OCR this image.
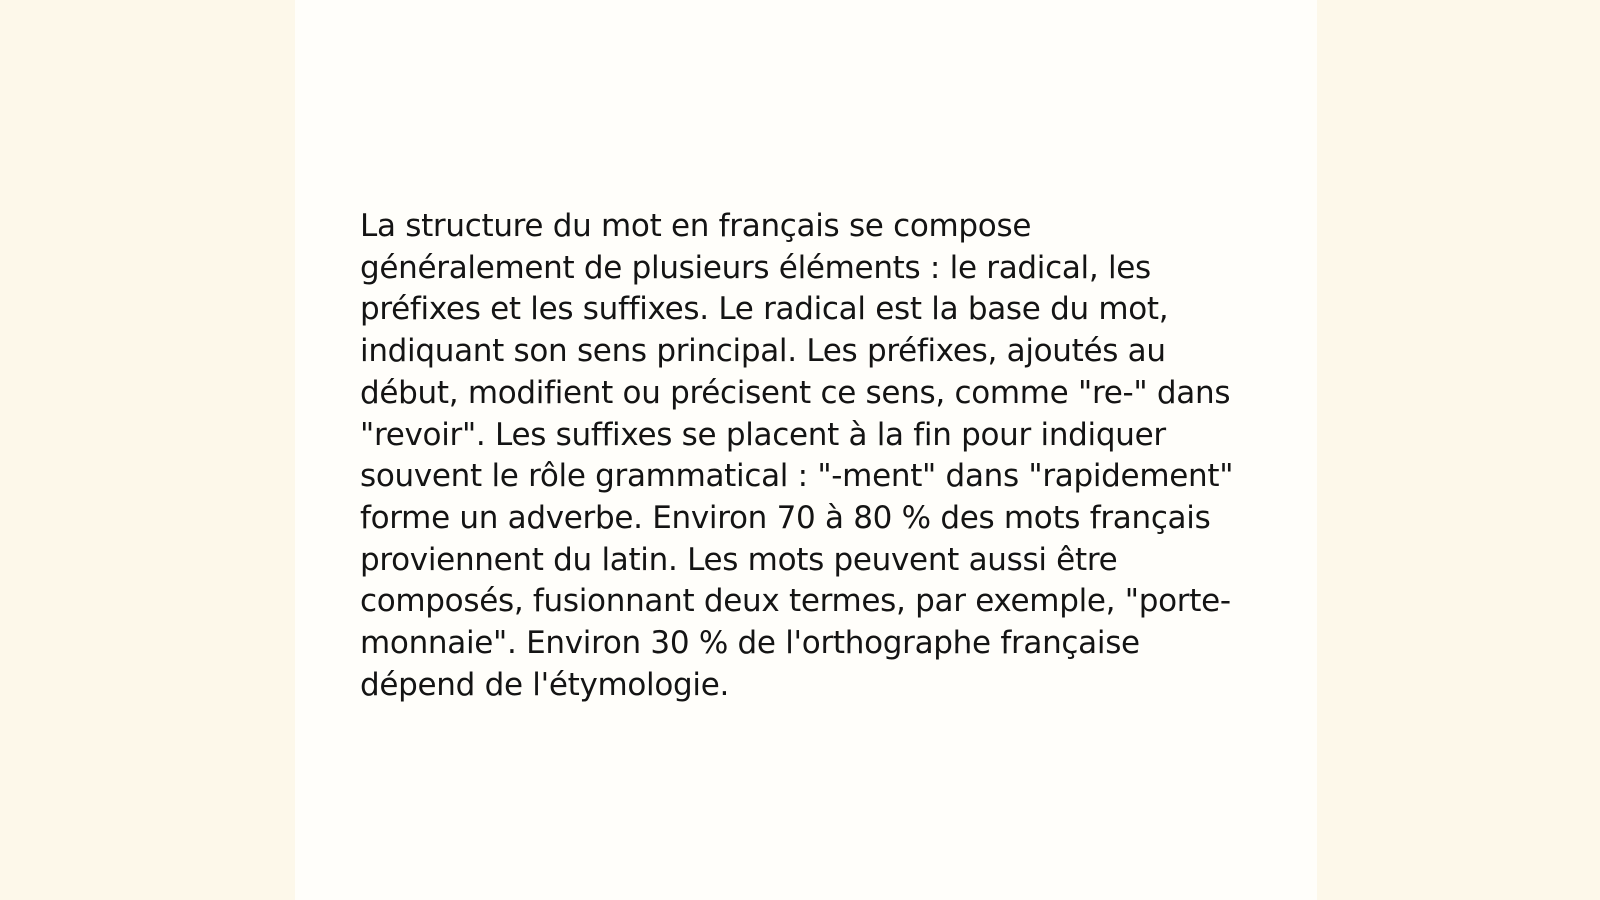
La structure du mot en français se compose généralement de plusieurs éléments : le radical, les préfixes et les suffixes. Le radical est la base du mot, indiquant son sens principal. Les préfixes, ajoutés au début, modifient ou précisent ce sens, comme "re-" dans "revoir". Les suffixes se placent à la fin pour indiquer souvent le rôle grammatical : "-ment" dans "rapidement" forme un adverbe. Environ 70 à 80 % des mots français proviennent du latin. Les mots peuvent aussi être composés, fusionnant deux termes, par exemple, "porte-monnaie". Environ 30 % de l'orthographe française dépend de l'étymologie.
